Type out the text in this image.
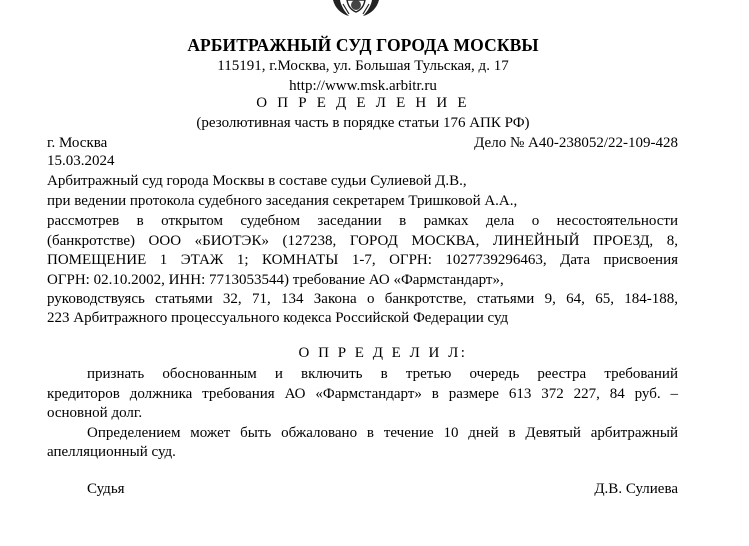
АРБИТРАЖНЫЙ СУД ГОРОДА МОСКВЫ
115191, г.Москва, ул. Большая Тульская, д. 17
http://www.msk.arbitr.ru
О П Р Е Д Е Л Е Н И Е
(резолютивная часть в порядке статьи 176 АПК РФ)
г. Москва	Дело № А40-238052/22-109-428
15.03.2024
Арбитражный суд города Москвы в составе судьи Сулиевой Д.В.,
при ведении протокола судебного заседания секретарем Тришковой А.А.,
рассмотрев в открытом судебном заседании в рамках дела о несостоятельности
(банкротстве) ООО «БИОТЭК» (127238, ГОРОД МОСКВА, ЛИНЕЙНЫЙ ПРОЕЗД, 8,
ПОМЕЩЕНИЕ 1 ЭТАЖ 1; КОМНАТЫ 1-7, ОГРН: 1027739296463, Дата присвоения
ОГРН: 02.10.2002, ИНН: 7713053544) требование АО «Фармстандарт»,
руководствуясь статьями 32, 71, 134 Закона о банкротстве, статьями 9, 64, 65, 184-188,
223 Арбитражного процессуального кодекса Российской Федерации суд
О П Р Е Д Е Л И Л:
признать обоснованным и включить в третью очередь реестра требований
кредиторов должника требования АО «Фармстандарт» в размере 613 372 227, 84 руб. –
основной долг.
Определением может быть обжаловано в течение 10 дней в Девятый арбитражный
апелляционный суд.
Судья	Д.В. Сулиева
